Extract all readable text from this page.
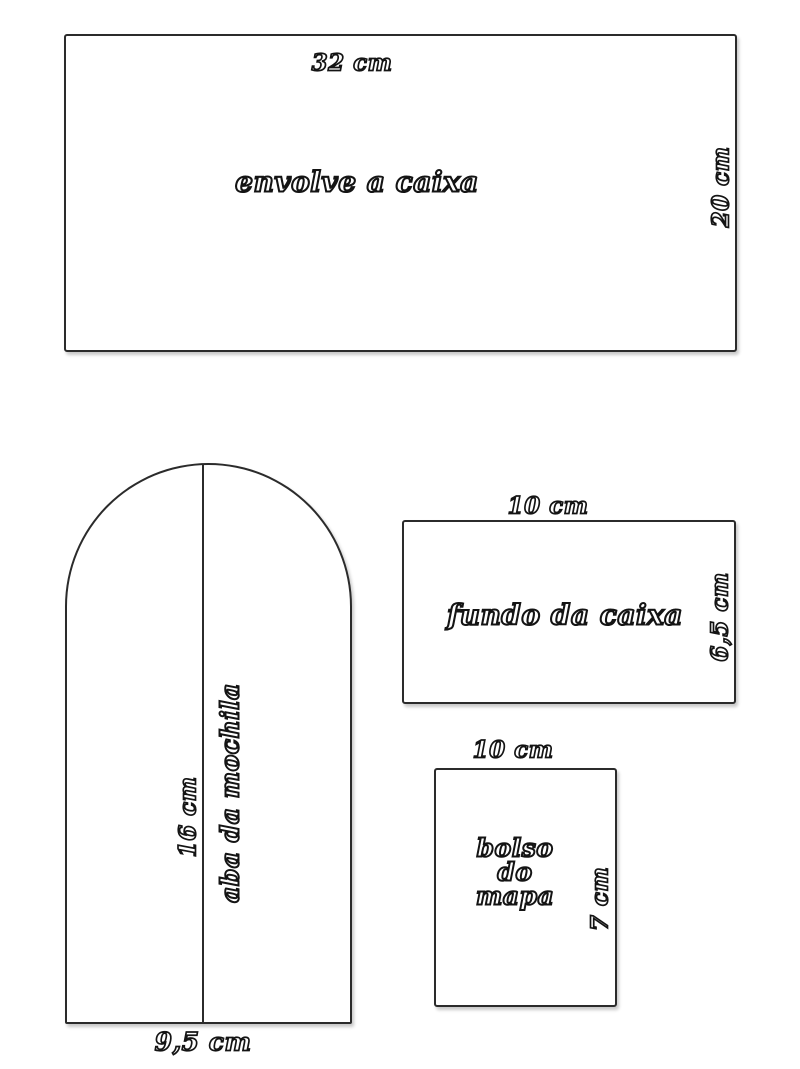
32 cm
envolve a caixa	20 cm
16 cm aba da mochila
9,5 cm
10 cm
fundo da caixa 6,5 cm
10 cm
bolso
do
mapa 7 cm
